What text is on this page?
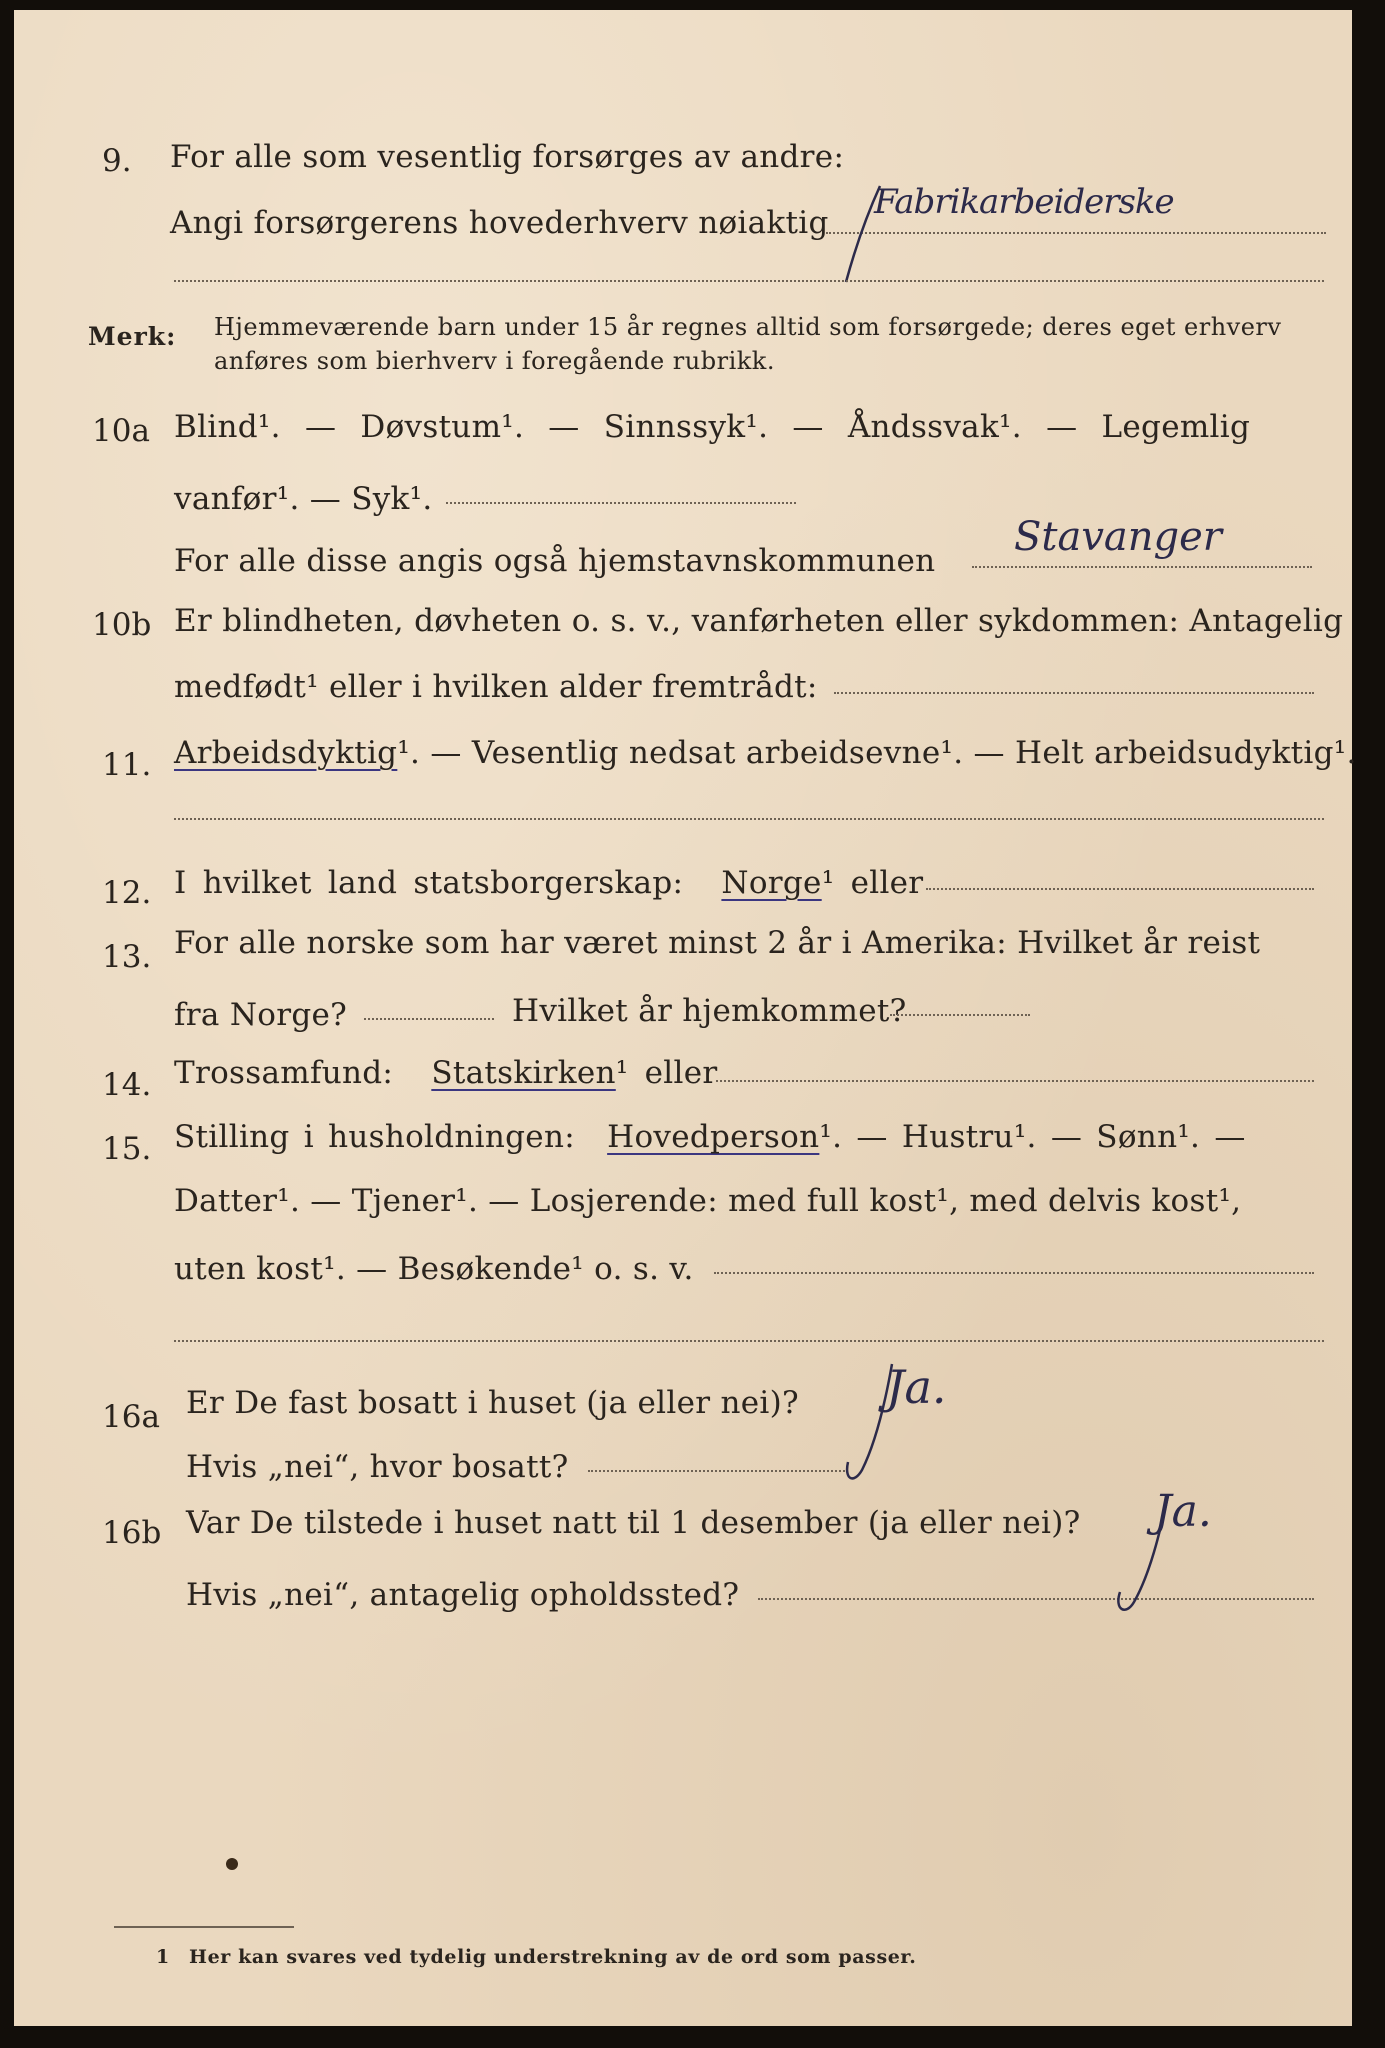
9. For alle som vesentlig forsørges av andre:
Angi forsørgerens hovederhverv nøiaktig
Fabrikarbeiderske
Merk: Hjemmeværende barn under 15 år regnes alltid som forsørgede; deres eget erhverv
anføres som bierhverv i foregående rubrikk.
10a Blind¹. — Døvstum¹. — Sinnssyk¹. — Åndssvak¹. — Legemlig
vanfør¹. — Syk¹.
For alle disse angis også hjemstavnskommunen
Stavanger
10b Er blindheten, døvheten o. s. v., vanførheten eller sykdommen: Antagelig
medfødt¹ eller i hvilken alder fremtrådt:
11. Arbeidsdyktig¹. — Vesentlig nedsat arbeidsevne¹. — Helt arbeidsudyktig¹.
12. I hvilket land statsborgerskap: Norge¹ eller
13. For alle norske som har været minst 2 år i Amerika: Hvilket år reist
fra Norge?	Hvilket år hjemkommet?
14. Trossamfund: Statskirken¹ eller
15. Stilling i husholdningen: Hovedperson¹. — Hustru¹. — Sønn¹. —
Datter¹. — Tjener¹. — Losjerende: med full kost¹, med delvis kost¹,
uten kost¹. — Besøkende¹ o. s. v.
16a Er De fast bosatt i huset (ja eller nei)?
Hvis „nei“, hvor bosatt?
Ja.
16b Var De tilstede i huset natt til 1 desember (ja eller nei)?
Hvis „nei“, antagelig opholdssted?
Ja.
1 Her kan svares ved tydelig understrekning av de ord som passer.
